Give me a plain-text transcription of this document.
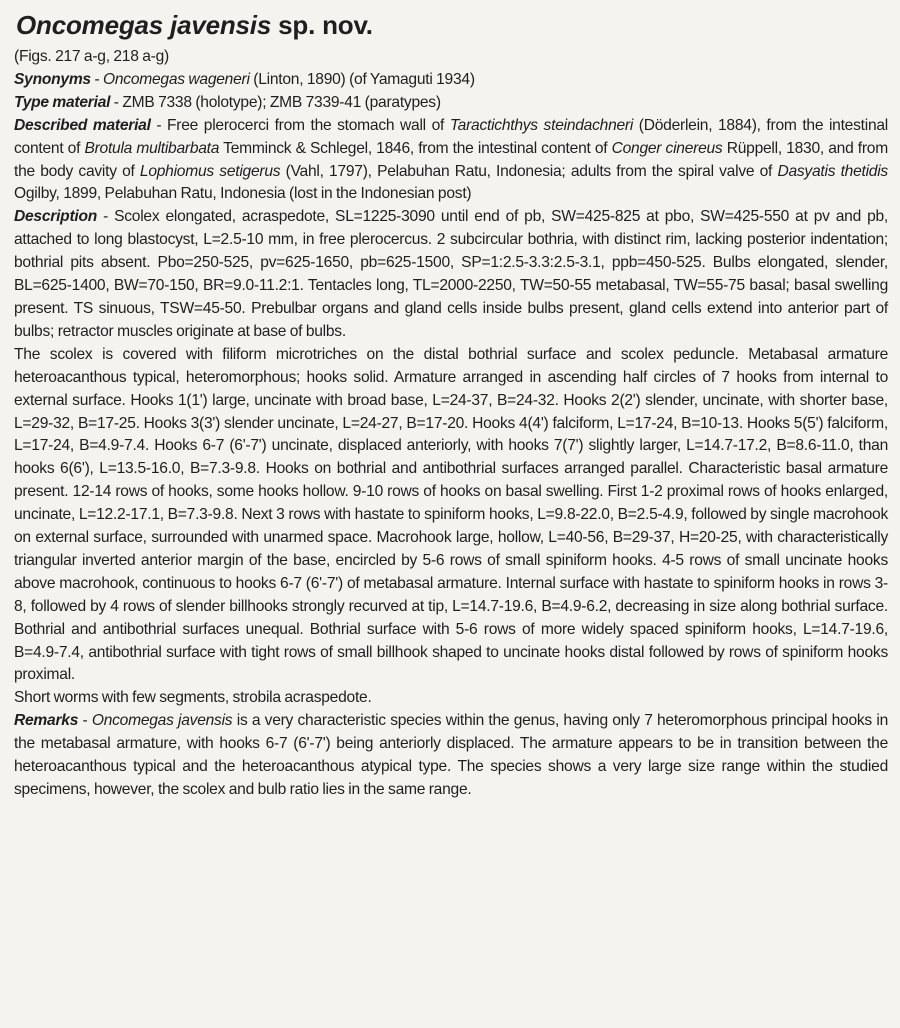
Oncomegas javensis sp. nov.

(Figs. 217 a-g, 218 a-g)

Synonyms - Oncomegas wageneri (Linton, 1890) (of Yamaguti 1934)

Type material - ZMB 7338 (holotype); ZMB 7339-41 (paratypes)

Described material - Free plerocerci from the stomach wall of Taractichthys steindachneri (Döderlein, 1884), from the intestinal content of Brotula multibarbata Temminck & Schlegel, 1846, from the intestinal content of Conger cinereus Rüppell, 1830, and from the body cavity of Lophiomus setigerus (Vahl, 1797), Pelabuhan Ratu, Indonesia; adults from the spiral valve of Dasyatis thetidis Ogilby, 1899, Pelabuhan Ratu, Indonesia (lost in the Indonesian post)

Description - Scolex elongated, acraspedote, SL=1225-3090 until end of pb, SW=425-825 at pbo, SW=425-550 at pv and pb, attached to long blastocyst, L=2.5-10 mm, in free plerocercus. 2 subcircular bothria, with distinct rim, lacking posterior indentation; bothrial pits absent. Pbo=250-525, pv=625-1650, pb=625-1500, SP=1:2.5-3.3:2.5-3.1, ppb=450-525. Bulbs elongated, slender, BL=625-1400, BW=70-150, BR=9.0-11.2:1. Tentacles long, TL=2000-2250, TW=50-55 metabasal, TW=55-75 basal; basal swelling present. TS sinuous, TSW=45-50. Prebulbar organs and gland cells inside bulbs present, gland cells extend into anterior part of bulbs; retractor muscles originate at base of bulbs.

The scolex is covered with filiform microtriches on the distal bothrial surface and scolex peduncle. Metabasal armature heteroacanthous typical, heteromorphous; hooks solid. Armature arranged in ascending half circles of 7 hooks from internal to external surface. Hooks 1(1') large, uncinate with broad base, L=24-37, B=24-32. Hooks 2(2') slender, uncinate, with shorter base, L=29-32, B=17-25. Hooks 3(3') slender uncinate, L=24-27, B=17-20. Hooks 4(4') falciform, L=17-24, B=10-13. Hooks 5(5') falciform, L=17-24, B=4.9-7.4. Hooks 6-7 (6'-7') uncinate, displaced anteriorly, with hooks 7(7') slightly larger, L=14.7-17.2, B=8.6-11.0, than hooks 6(6'), L=13.5-16.0, B=7.3-9.8. Hooks on bothrial and antibothrial surfaces arranged parallel. Characteristic basal armature present. 12-14 rows of hooks, some hooks hollow. 9-10 rows of hooks on basal swelling. First 1-2 proximal rows of hooks enlarged, uncinate, L=12.2-17.1, B=7.3-9.8. Next 3 rows with hastate to spiniform hooks, L=9.8-22.0, B=2.5-4.9, followed by single macrohook on external surface, surrounded with unarmed space. Macrohook large, hollow, L=40-56, B=29-37, H=20-25, with characteristically triangular inverted anterior margin of the base, encircled by 5-6 rows of small spiniform hooks. 4-5 rows of small uncinate hooks above macrohook, continuous to hooks 6-7 (6'-7') of metabasal armature. Internal surface with hastate to spiniform hooks in rows 3-8, followed by 4 rows of slender billhooks strongly recurved at tip, L=14.7-19.6, B=4.9-6.2, decreasing in size along bothrial surface. Bothrial and antibothrial surfaces unequal. Bothrial surface with 5-6 rows of more widely spaced spiniform hooks, L=14.7-19.6, B=4.9-7.4, antibothrial surface with tight rows of small billhook shaped to uncinate hooks distal followed by rows of spiniform hooks proximal.

Short worms with few segments, strobila acraspedote.

Remarks - Oncomegas javensis is a very characteristic species within the genus, having only 7 heteromorphous principal hooks in the metabasal armature, with hooks 6-7 (6'-7') being anteriorly displaced. The armature appears to be in transition between the heteroacanthous typical and the heteroacanthous atypical type. The species shows a very large size range within the studied specimens, however, the scolex and bulb ratio lies in the same range.
